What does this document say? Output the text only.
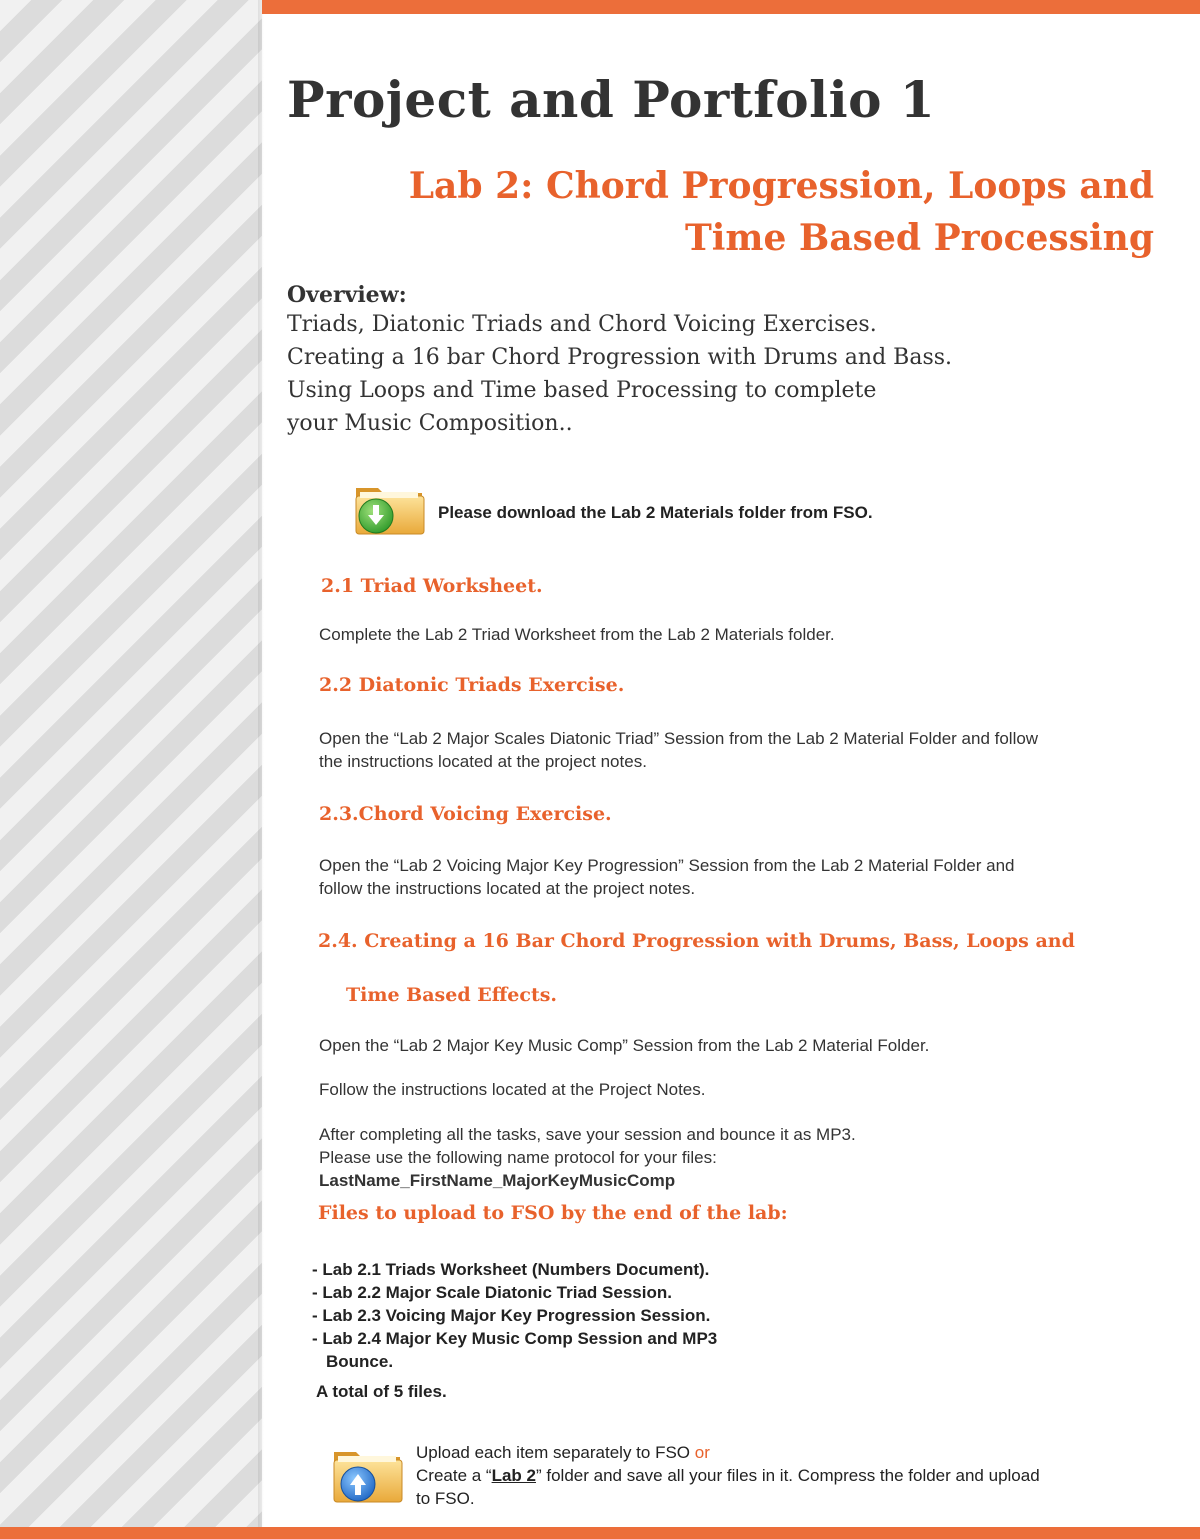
Project and Portfolio 1
Lab 2: Chord Progression, Loops and
Time Based Processing
Overview:
Triads, Diatonic Triads and Chord Voicing Exercises.
Creating a 16 bar Chord Progression with Drums and Bass.
Using Loops and Time based Processing to complete
your Music Composition..
Please download the Lab 2 Materials folder from FSO.
2.1 Triad Worksheet.

Complete the Lab 2 Triad Worksheet from the Lab 2 Materials folder.

2.2 Diatonic Triads Exercise.

Open the “Lab 2 Major Scales Diatonic Triad” Session from the Lab 2 Material Folder and follow
the instructions located at the project notes.

2.3.Chord Voicing Exercise.

Open the “Lab 2 Voicing Major Key Progression” Session from the Lab 2 Material Folder and
follow the instructions located at the project notes.

2.4. Creating a 16 Bar Chord Progression with Drums, Bass, Loops and
Time Based Effects.

Open the “Lab 2 Major Key Music Comp” Session from the Lab 2 Material Folder.

Follow the instructions located at the Project Notes.

After completing all the tasks, save your session and bounce it as MP3.
Please use the following name protocol for your files:
LastName_FirstName_MajorKeyMusicComp

Files to upload to FSO by the end of the lab:
- Lab 2.1 Triads Worksheet (Numbers Document).
- Lab 2.2 Major Scale Diatonic Triad Session.
- Lab 2.3 Voicing Major Key Progression Session.
- Lab 2.4 Major Key Music Comp Session and MP3
Bounce.
A total of 5 files.
Upload each item separately to FSO or
Create a “Lab 2” folder and save all your files in it. Compress the folder and upload
to FSO.
